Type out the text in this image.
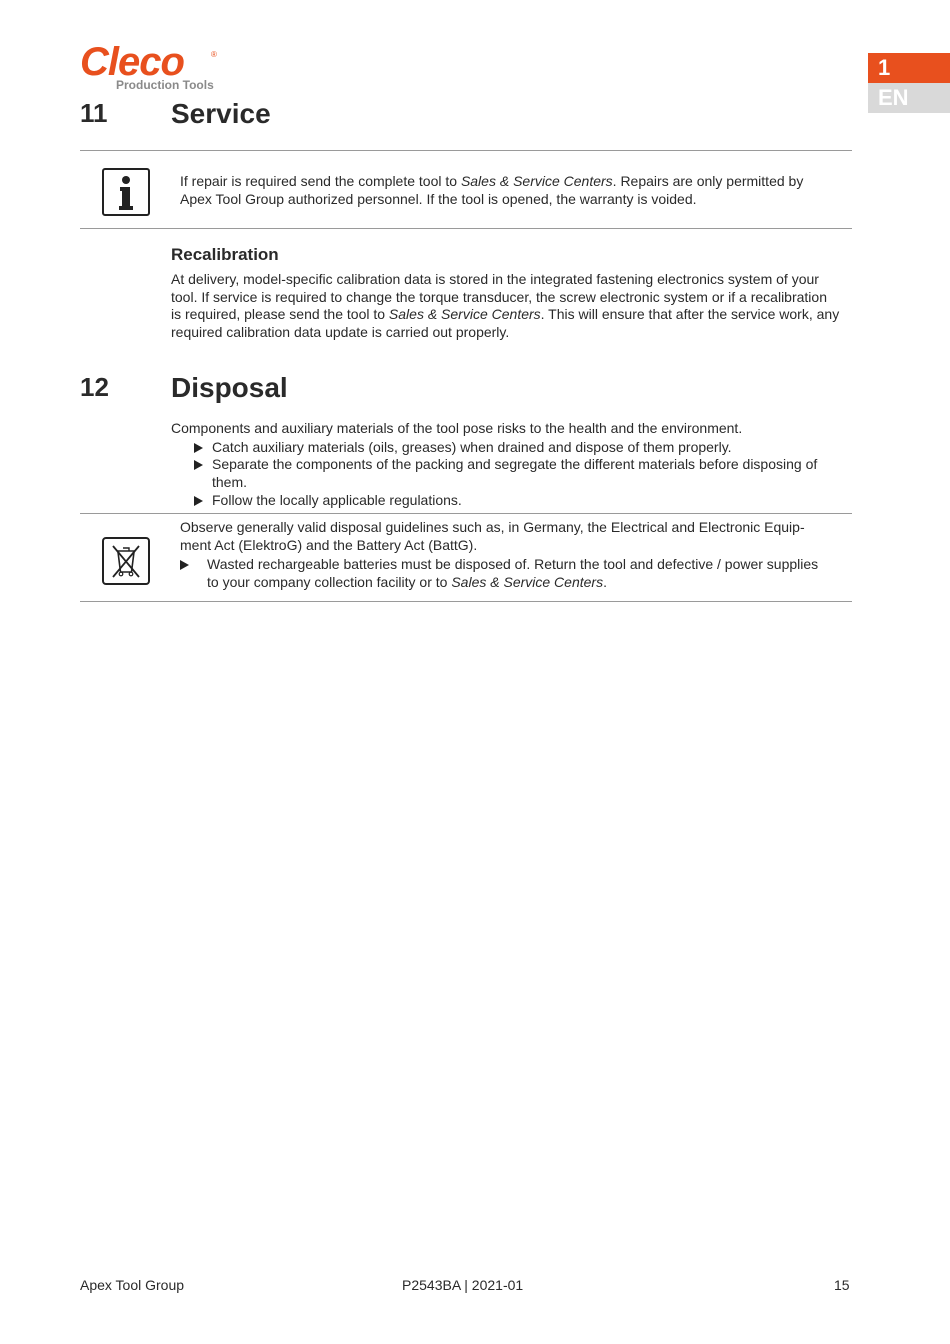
Cleco	®
Production Tools
1
EN
11 Service
If repair is required send the complete tool to Sales & Service Centers. Repairs are only permitted by
Apex Tool Group authorized personnel. If the tool is opened, the warranty is voided.
Recalibration
At delivery, model-specific calibration data is stored in the integrated fastening electronics system of your
tool. If service is required to change the torque transducer, the screw electronic system or if a recalibration
is required, please send the tool to Sales & Service Centers. This will ensure that after the service work, any
required calibration data update is carried out properly.
12 Disposal
Components and auxiliary materials of the tool pose risks to the health and the environment.
Catch auxiliary materials (oils, greases) when drained and dispose of them properly.
Separate the components of the packing and segregate the different materials before disposing of
them.
Follow the locally applicable regulations.
Observe generally valid disposal guidelines such as, in Germany, the Electrical and Electronic Equip-
ment Act (ElektroG) and the Battery Act (BattG).
Wasted rechargeable batteries must be disposed of. Return the tool and defective / power supplies
to your company collection facility or to Sales & Service Centers.
Apex Tool Group	P2543BA | 2021-01	15
